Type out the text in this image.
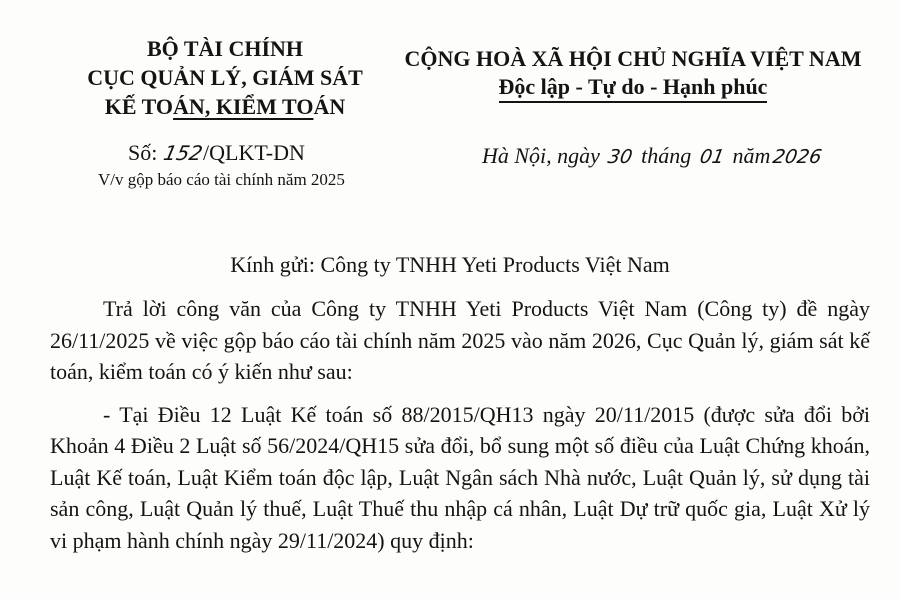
BỘ TÀI CHÍNH
CỤC QUẢN LÝ, GIÁM SÁT
KẾ TOÁN, KIỂM TOÁN
CỘNG HOÀ XÃ HỘI CHỦ NGHĨA VIỆT NAM
Độc lập - Tự do - Hạnh phúc
Số: 152/QLKT-DN
V/v gộp báo cáo tài chính năm 2025
Hà Nội, ngày 30 tháng 01 năm2026
Kính gửi: Công ty TNHH Yeti Products Việt Nam

Trả lời công văn của Công ty TNHH Yeti Products Việt Nam (Công ty) đề ngày 26/11/2025 về việc gộp báo cáo tài chính năm 2025 vào năm 2026, Cục Quản lý, giám sát kế toán, kiểm toán có ý kiến như sau:

- Tại Điều 12 Luật Kế toán số 88/2015/QH13 ngày 20/11/2015 (được sửa đổi bởi Khoản 4 Điều 2 Luật số 56/2024/QH15 sửa đổi, bổ sung một số điều của Luật Chứng khoán, Luật Kế toán, Luật Kiểm toán độc lập, Luật Ngân sách Nhà nước, Luật Quản lý, sử dụng tài sản công, Luật Quản lý thuế, Luật Thuế thu nhập cá nhân, Luật Dự trữ quốc gia, Luật Xử lý vi phạm hành chính ngày 29/11/2024) quy định:
